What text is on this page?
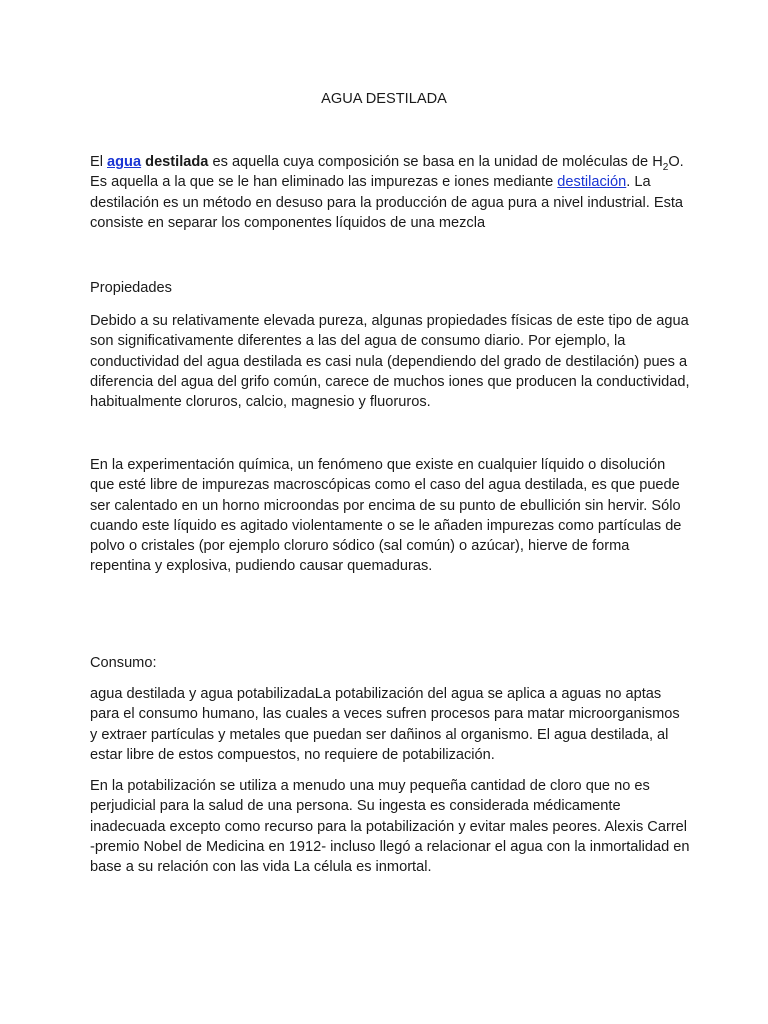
AGUA DESTILADA

El agua destilada es aquella cuya composición se basa en la unidad de moléculas de $H_2O$. Es aquella a la que se le han eliminado las impurezas e iones mediante destilación. La destilación es un método en desuso para la producción de agua pura a nivel industrial. Esta consiste en separar los componentes líquidos de una mezcla

Propiedades

Debido a su relativamente elevada pureza, algunas propiedades físicas de este tipo de agua son significativamente diferentes a las del agua de consumo diario. Por ejemplo, la conductividad del agua destilada es casi nula (dependiendo del grado de destilación) pues a diferencia del agua del grifo común, carece de muchos iones que producen la conductividad, habitualmente cloruros, calcio, magnesio y fluoruros.

En la experimentación química, un fenómeno que existe en cualquier líquido o disolución que esté libre de impurezas macroscópicas como el caso del agua destilada, es que puede ser calentado en un horno microondas por encima de su punto de ebullición sin hervir. Sólo cuando este líquido es agitado violentamente o se le añaden impurezas como partículas de polvo o cristales (por ejemplo cloruro sódico (sal común) o azúcar), hierve de forma repentina y explosiva, pudiendo causar quemaduras.

Consumo:

agua destilada y agua potabilizadaLa potabilización del agua se aplica a aguas no aptas para el consumo humano, las cuales a veces sufren procesos para matar microorganismos y extraer partículas y metales que puedan ser dañinos al organismo. El agua destilada, al estar libre de estos compuestos, no requiere de potabilización.

En la potabilización se utiliza a menudo una muy pequeña cantidad de cloro que no es perjudicial para la salud de una persona. Su ingesta es considerada médicamente inadecuada excepto como recurso para la potabilización y evitar males peores. Alexis Carrel -premio Nobel de Medicina en 1912- incluso llegó a relacionar el agua con la inmortalidad en base a su relación con las vida La célula es inmortal.
